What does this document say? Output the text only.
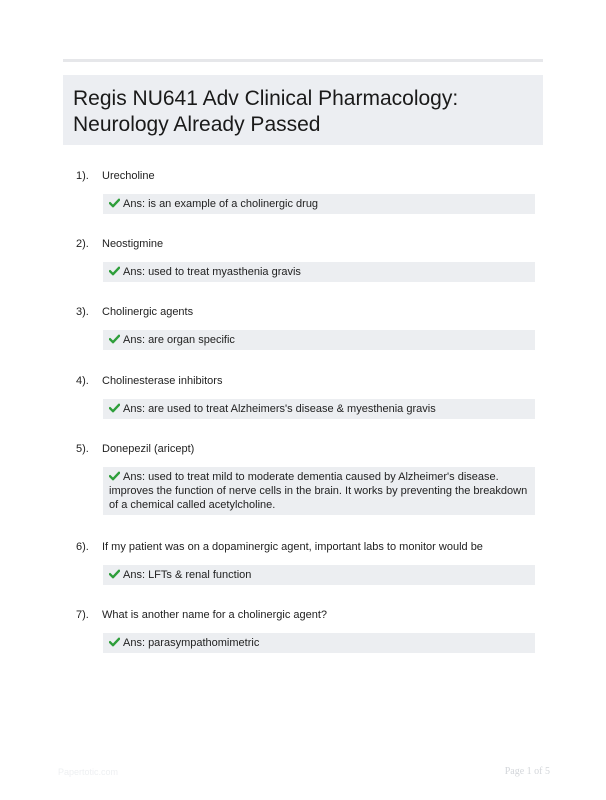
Regis NU641 Adv Clinical Pharmacology: Neurology Already Passed
1). Urecholine
Ans: is an example of a cholinergic drug
2). Neostigmine
Ans: used to treat myasthenia gravis
3). Cholinergic agents
Ans: are organ specific
4). Cholinesterase inhibitors
Ans: are used to treat Alzheimers's disease & myesthenia gravis
5). Donepezil (aricept)
Ans: used to treat mild to moderate dementia caused by Alzheimer's disease. improves the function of nerve cells in the brain. It works by preventing the breakdown of a chemical called acetylcholine.
6). If my patient was on a dopaminergic agent, important labs to monitor would be
Ans: LFTs & renal function
7). What is another name for a cholinergic agent?
Ans: parasympathomimetric
Papertotic.com	Page 1 of 5
